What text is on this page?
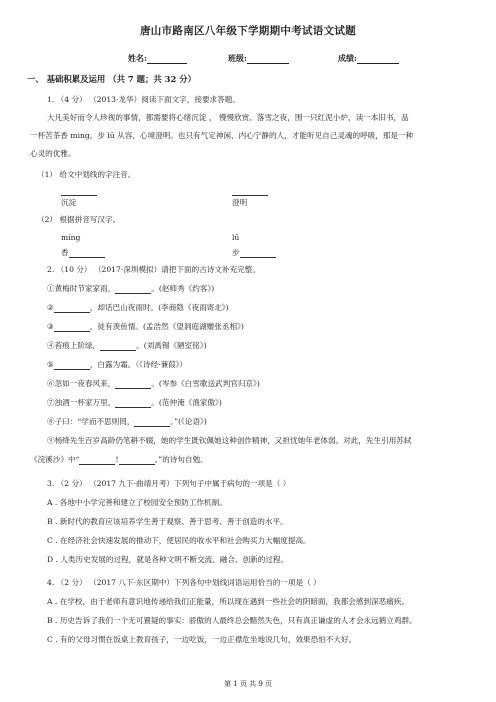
唐山市路南区八年级下学期期中考试语文试题
姓名:	班级:	成绩:
一、 基础积累及运用 （共 7 题；共 32 分）
1. （4 分） （2013·龙华）阅读下面文字，接要求答题。
大凡美好而令人珍视的事情，都需要将心绪沉淀 ， 慢慢欣赏。落雪之夜，围一只红泥小炉，读一本旧书，品
一杯苦茶香 ming。步 lū 从容，心境澄明。也只有气定神闲、内心宁静的人，才能听见自己灵魂的呼吸，那是一种
心灵的优雅。
（1） 给文中划线的字注音。
沉淀	澄明
（2） 根据拼音写汉字。
míng	lū
香	步
2. （10 分） （2017·深圳模拟）请把下面的古诗文补充完整。
①黄梅时节家家雨，	。(赵师秀《约客》)
②	，却话巴山夜雨时。(李商隐《夜雨寄北》)
③	，徒有羡鱼情。(孟浩然《望洞庭湖赠张丞相》)
④苔痕上阶绿，	。(刘禹锡《陋室铭》)
⑤	，白露为霜。（《诗经·蒹葭》）
⑥忽如一夜春风来，	。(岑参《白雪歌送武判官归京》)
⑦浊酒一杯家万里，	。(范仲淹《渔家傲》)
⑧子曰：“学而不思则罔，	。”(《论语》)
⑨杨绛先生百岁高龄仍笔耕不辍，她的学生既钦佩她这种创作精神，又担忧她年老体弱。对此，先生引用苏轼
《浣溪沙》中“	!	。”的诗句自勉。
3. （2 分） （2017 九下·曲靖月考）下列句子中属于病句的一项是（ ）
A . 各地中小学完善和建立了校园安全预防工作机制。
B . 新时代的教育应该培养学生善于观察、善于思考、善于创造的水平。
C . 在经济社会快速发展的推动下，使居民的收水平和社会购买力大幅度提高。
D . 人类历史发展的过程，就是各种文明不断交流、融合、创新的过程。
4. （2 分） （2017 八下·东区期中）下列各句中划线词语运用恰当的一项是（ ）
A . 在学校，由于老师有意识地传递给我们正能量，所以现在遇到一些社会的阴暗面，我都会感到深恶痛疾。
B . 历史告诉了我们一个无可置疑的事实：骄傲的人最终总会黯然失色，只有真正谦虚的人才会永远鹤立鸡群。
C . 有的父母习惯在饭桌上教育孩子，一边吃饭，一边正襟危坐地说几句，效果恐怕不大好。
第 1 页 共 9 页
